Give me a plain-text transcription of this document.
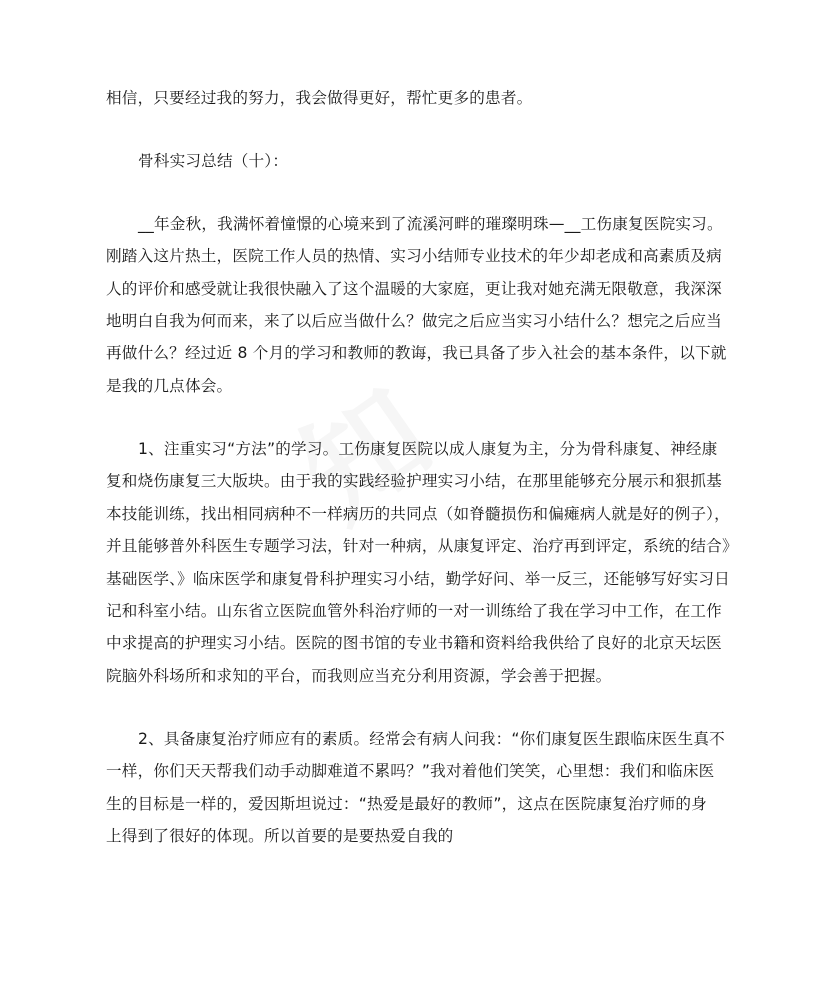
相信，只要经过我的努力，我会做得更好，帮忙更多的患者。
骨科实习总结（十）：
__年金秋，我满怀着憧憬的心境来到了流溪河畔的璀璨明珠—__工伤康复医院实习。
刚踏入这片热土，医院工作人员的热情、实习小结师专业技术的年少却老成和高素质及病
人的评价和感受就让我很快融入了这个温暖的大家庭，更让我对她充满无限敬意，我深深
地明白自我为何而来，来了以后应当做什么？做完之后应当实习小结什么？想完之后应当
再做什么？经过近 8 个月的学习和教师的教诲，我已具备了步入社会的基本条件，以下就
是我的几点体会。
1、注重实习“方法”的学习。工伤康复医院以成人康复为主，分为骨科康复、神经康
复和烧伤康复三大版块。由于我的实践经验护理实习小结，在那里能够充分展示和狠抓基
本技能训练，找出相同病种不一样病历的共同点（如脊髓损伤和偏瘫病人就是好的例子），
并且能够普外科医生专题学习法，针对一种病，从康复评定、治疗再到评定，系统的结合》
基础医学、》临床医学和康复骨科护理实习小结，勤学好问、举一反三，还能够写好实习日
记和科室小结。山东省立医院血管外科治疗师的一对一训练给了我在学习中工作，在工作
中求提高的护理实习小结。医院的图书馆的专业书籍和资料给我供给了良好的北京天坛医
院脑外科场所和求知的平台，而我则应当充分利用资源，学会善于把握。
2、具备康复治疗师应有的素质。经常会有病人问我：“你们康复医生跟临床医生真不
一样，你们天天帮我们动手动脚难道不累吗？”我对着他们笑笑，心里想：我们和临床医
生的目标是一样的，爱因斯坦说过：“热爱是最好的教师”，这点在医院康复治疗师的身
上得到了很好的体现。所以首要的是要热爱自我的
